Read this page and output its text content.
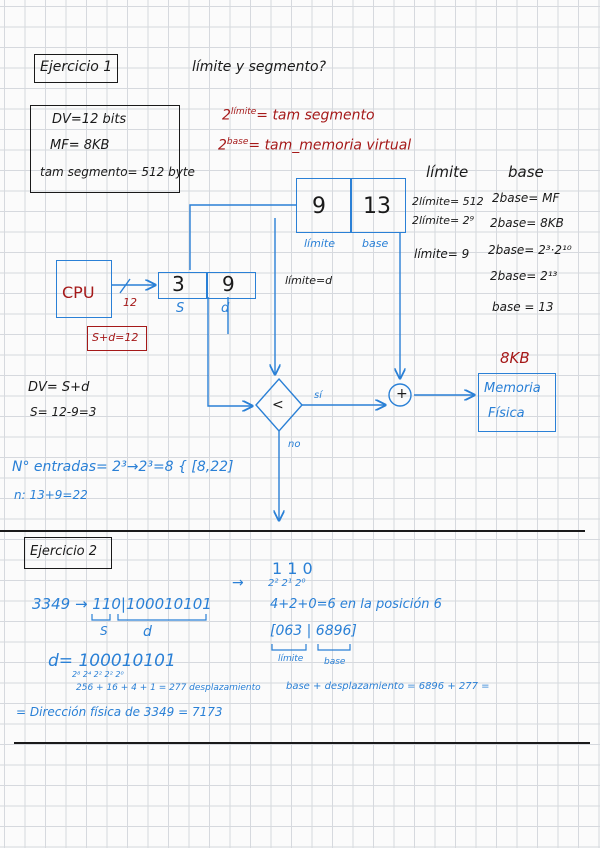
Ejercicio 1	límite y segmento?
DV=12 bits
MF= 8KB
tam segmento= 512 byte
$2^{límite}=$ tam segmento
$2^{base}=$ tam_memoria virtual
límite
2límite= 512
2límite= 2⁹
límite= 9
base
2base= MF
2base= 8KB
2base= 2³·2¹⁰
2base= 2¹³
base = 13
9 13
límite base
CPU
12
3 9
S	d
S+d=12
límite=d
<
sí
no
+
8KB
Memoria
Física
DV= S+d
S= 12-9=3
N° entradas= 2³→2³=8 { [8,22]
n: 13+9=22
Ejercicio 2
3349 → 110|100010101
S	d
→
1 1 0
2² 2¹ 2⁰
4+2+0=6 en la posición 6
[063 | 6896]
límite base
d= 100010101
2⁸ 2⁴ 2² 2² 2⁰
256 + 16 + 4 + 1 = 277 desplazamiento	base + desplazamiento = 6896 + 277 =
= Dirección física de 3349 = 7173
